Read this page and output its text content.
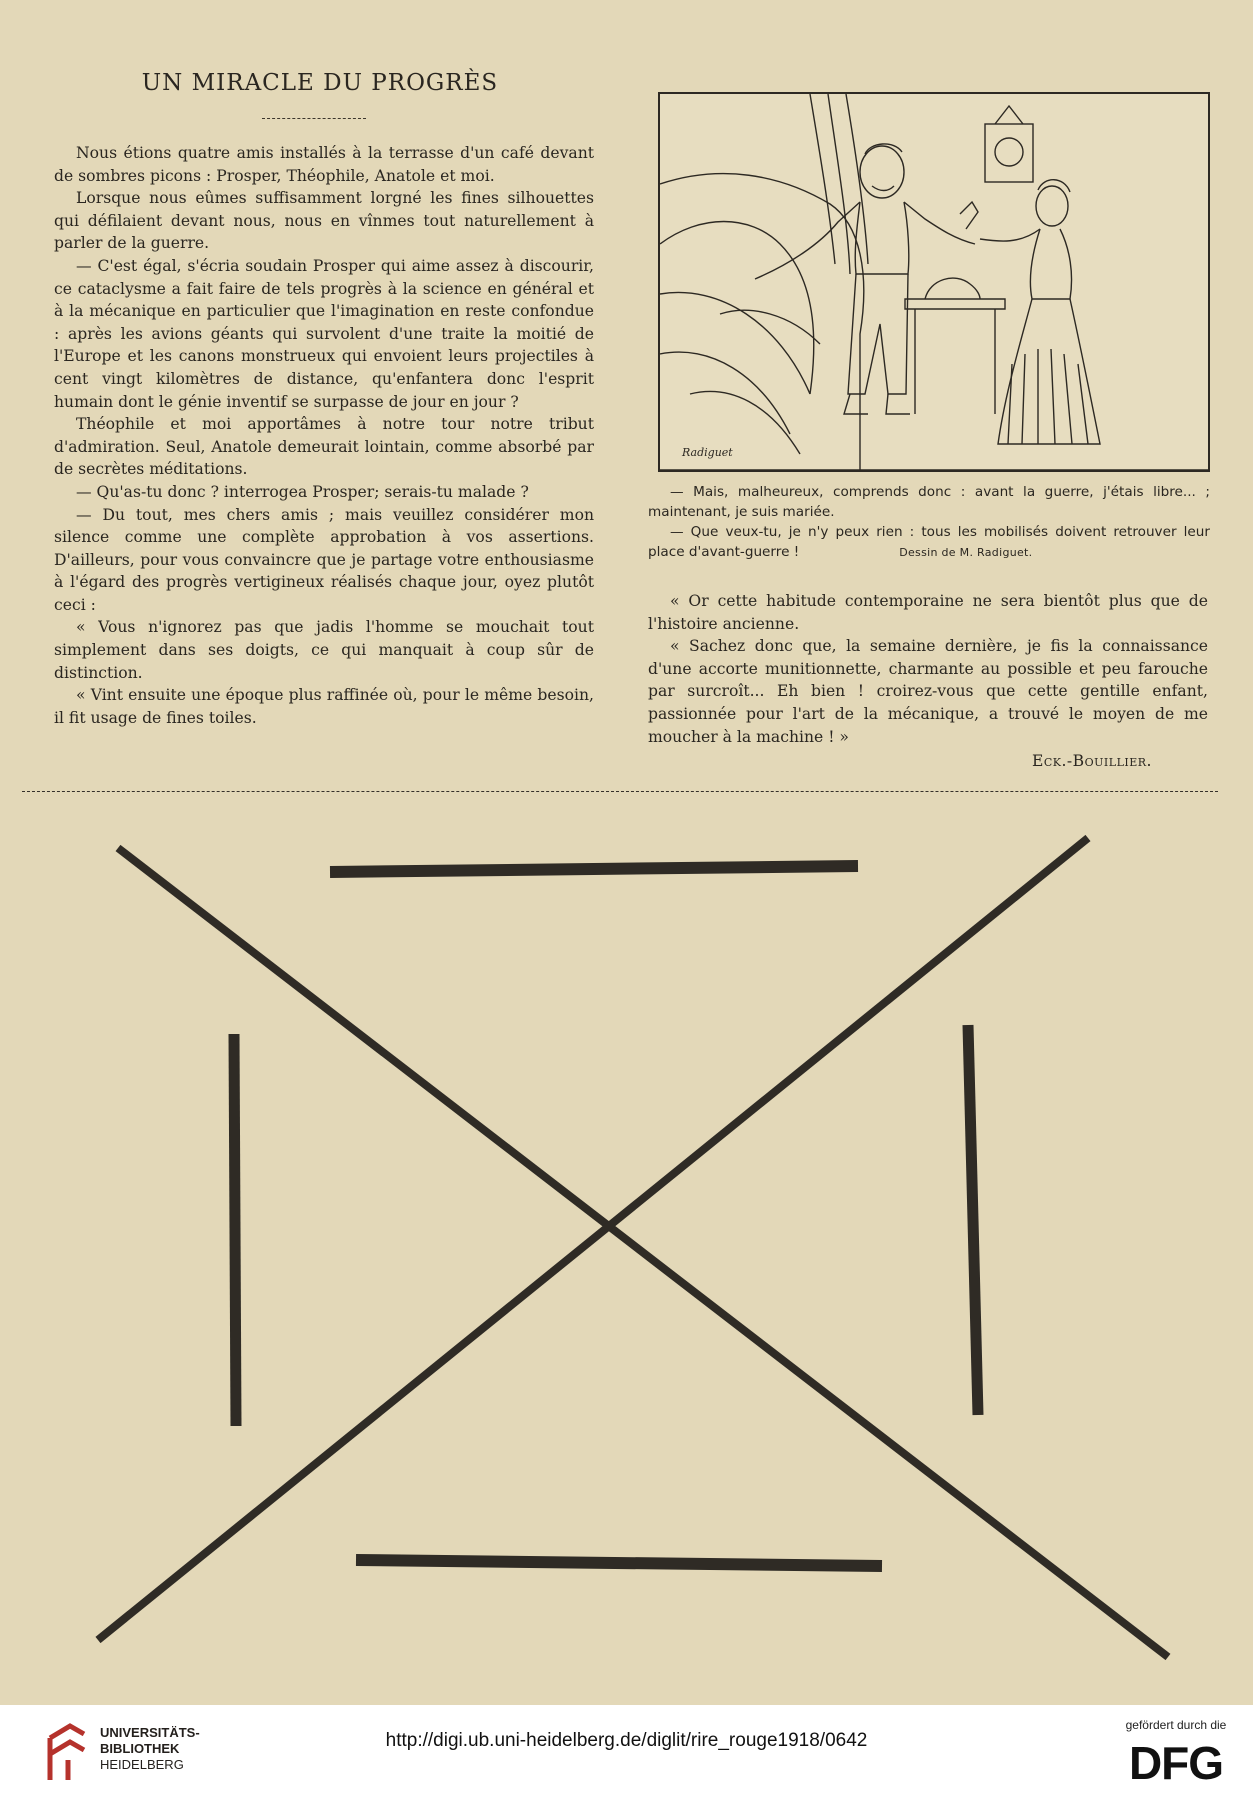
UN MIRACLE DU PROGRÈS

Nous étions quatre amis installés à la terrasse d'un café devant de sombres picons : Prosper, Théophile, Anatole et moi.

Lorsque nous eûmes suffisamment lorgné les fines silhouettes qui défilaient devant nous, nous en vînmes tout naturellement à parler de la guerre.

— C'est égal, s'écria soudain Prosper qui aime assez à discourir, ce cataclysme a fait faire de tels progrès à la science en général et à la mécanique en particulier que l'imagination en reste confondue : après les avions géants qui survolent d'une traite la moitié de l'Europe et les canons monstrueux qui envoient leurs projectiles à cent vingt kilomètres de distance, qu'enfantera donc l'esprit humain dont le génie inventif se surpasse de jour en jour ?

Théophile et moi apportâmes à notre tour notre tribut d'admiration. Seul, Anatole demeurait lointain, comme absorbé par de secrètes méditations.

— Qu'as-tu donc ? interrogea Prosper; serais-tu malade ?

— Du tout, mes chers amis ; mais veuillez considérer mon silence comme une complète approbation à vos assertions. D'ailleurs, pour vous convaincre que je partage votre enthousiasme à l'égard des progrès vertigineux réalisés chaque jour, oyez plutôt ceci :

« Vous n'ignorez pas que jadis l'homme se mouchait tout simplement dans ses doigts, ce qui manquait à coup sûr de distinction.

« Vint ensuite une époque plus raffinée où, pour le même besoin, il fit usage de fines toiles.

Radiguet

— Mais, malheureux, comprends donc : avant la guerre, j'étais libre... ; maintenant, je suis mariée.

— Que veux-tu, je n'y peux rien : tous les mobilisés doivent retrouver leur place d'avant-guerre !	Dessin de M. Radiguet.

« Or cette habitude contemporaine ne sera bientôt plus que de l'histoire ancienne.

« Sachez donc que, la semaine dernière, je fis la connaissance d'une accorte munitionnette, charmante au possible et peu farouche par surcroît... Eh bien ! croirez-vous que cette gentille enfant, passionnée pour l'art de la mécanique, a trouvé le moyen de me moucher à la machine ! »

Eck.-Bouillier.
UNIVERSITÄTS-
BIBLIOTHEK
HEIDELBERG
http://digi.ub.uni-heidelberg.de/diglit/rire_rouge1918/0642
gefördert durch die
DFG
